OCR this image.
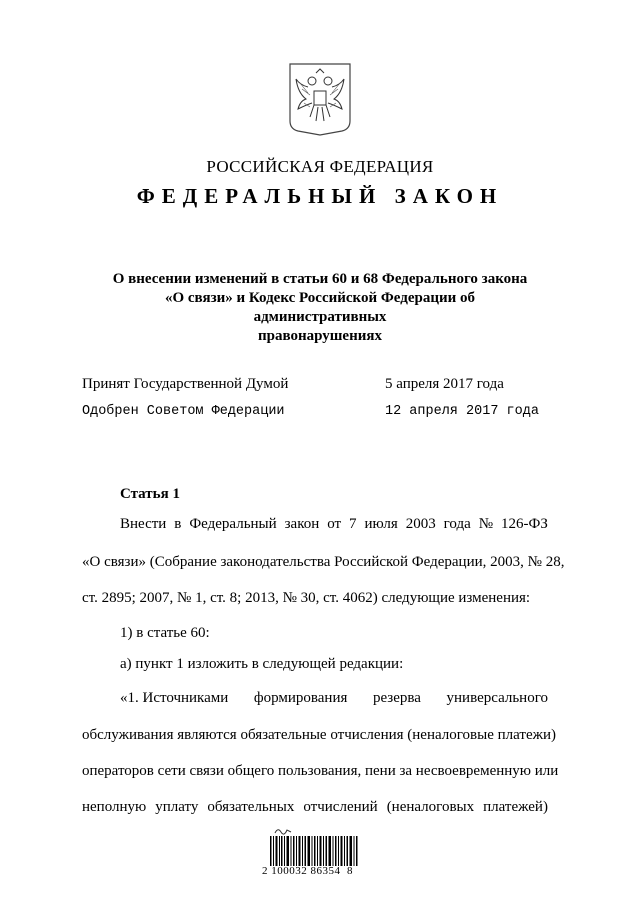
РОССИЙСКАЯ ФЕДЕРАЦИЯ
ФЕДЕРАЛЬНЫЙ ЗАКОН
О внесении изменений в статьи 60 и 68 Федерального закона
«О связи» и Кодекс Российской Федерации об административных
правонарушениях
Принят Государственной Думой	5 апреля 2017 года
Одобрен Советом Федерации	12 апреля 2017 года
Статья 1
Внести в Федеральный закон от 7 июля 2003 года № 126-ФЗ
«О связи» (Собрание законодательства Российской Федерации, 2003, № 28,
ст. 2895; 2007, № 1, ст. 8; 2013, № 30, ст. 4062) следующие изменения:
1) в статье 60:
а) пункт 1 изложить в следующей редакции:
«1. Источниками формирования резерва универсального
обслуживания являются обязательные отчисления (неналоговые платежи)
операторов сети связи общего пользования, пени за несвоевременную или
неполную уплату обязательных отчислений (неналоговых платежей)
2 100032 86354  8
